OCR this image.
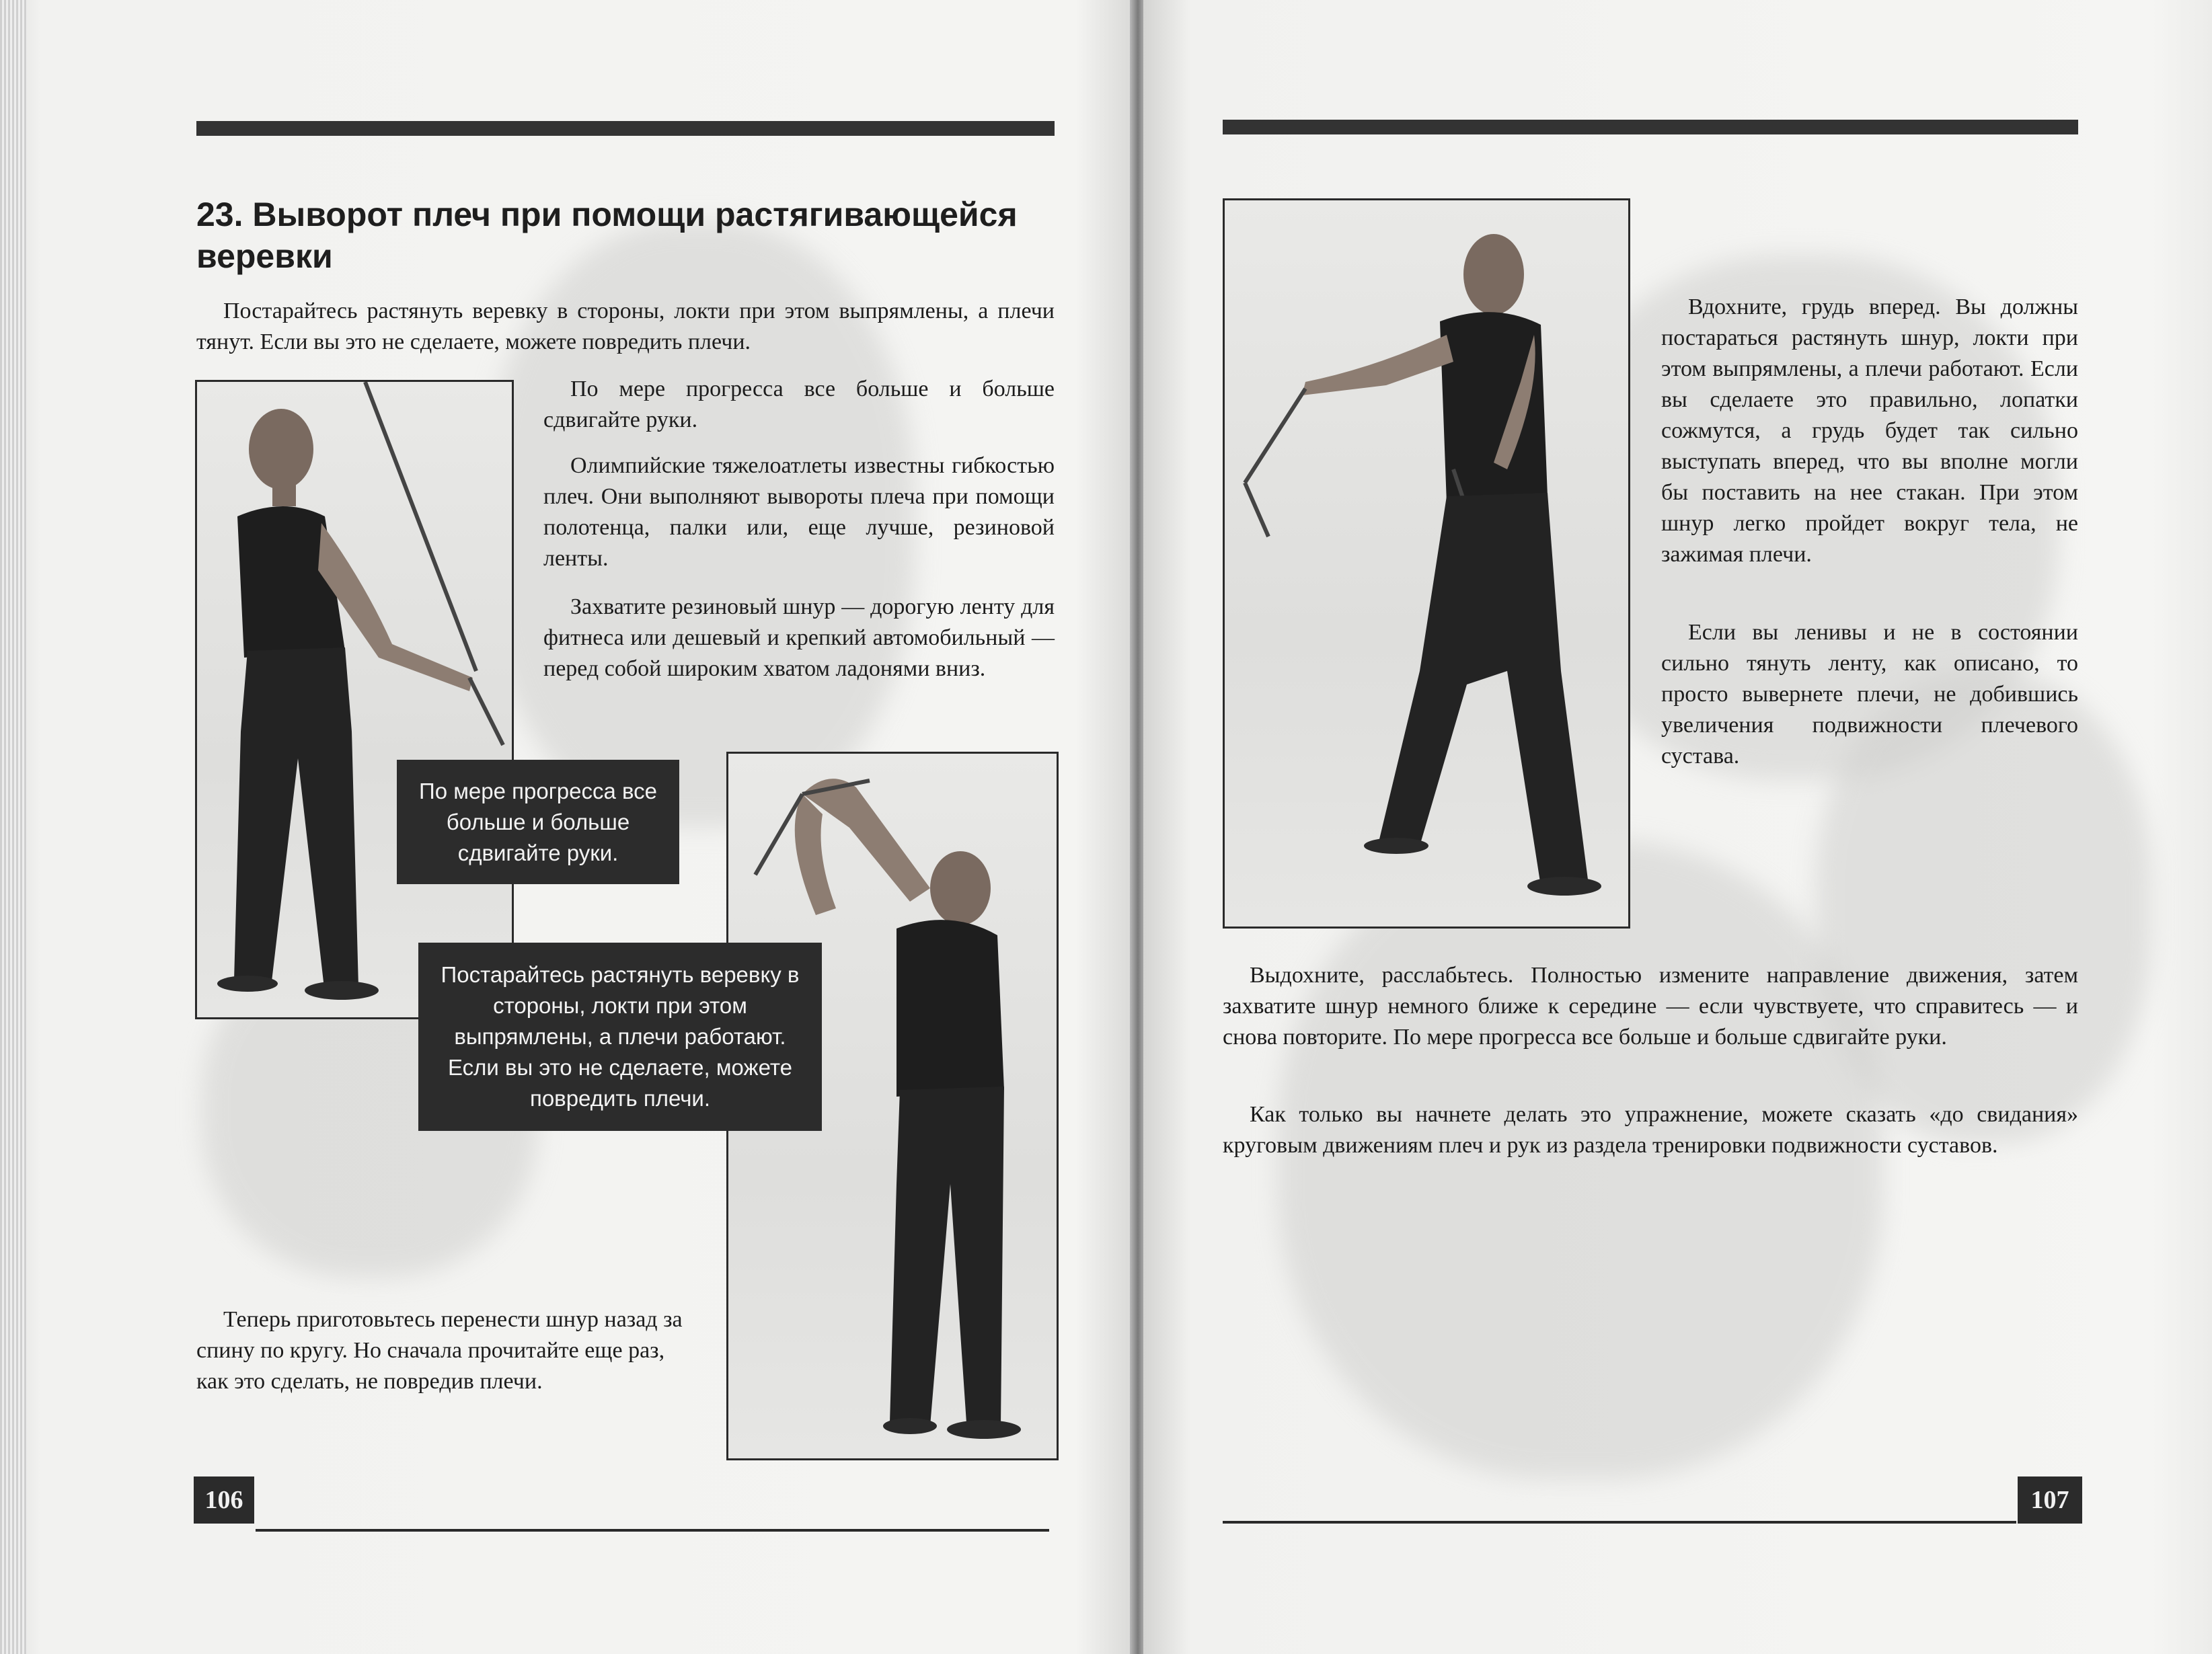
23. Выворот плеч при помощи растягивающейся веревки

Постарайтесь растянуть веревку в стороны, локти при этом выпрямлены, а плечи тянут. Если вы это не сделаете, можете повредить плечи.

По мере прогресса все больше и больше сдвигайте руки.

Олимпийские тяжелоатлеты известны гибкостью плеч. Они выполняют вывороты плеча при помощи полотенца, палки или, еще лучше, резиновой ленты.

Захватите резиновый шнур — дорогую ленту для фитнеса или дешевый и крепкий автомобильный — перед собой широким хватом ладонями вниз.

По мере прогресса все больше и больше сдвигайте руки.
Постарайтесь растянуть веревку в стороны, локти при этом выпрямлены, а плечи работают. Если вы это не сделаете, можете повредить плечи.

Теперь приготовьтесь перенести шнур назад за спину по кругу. Но сначала прочитайте еще раз, как это сделать, не повредив плечи.

106

Вдохните, грудь вперед. Вы должны постараться растянуть шнур, локти при этом выпрямлены, а плечи работают. Если вы сделаете это правильно, лопатки сожмутся, а грудь будет так сильно выступать вперед, что вы вполне могли бы поставить на нее стакан. При этом шнур легко пройдет вокруг тела, не зажимая плечи.

Если вы ленивы и не в состоянии сильно тянуть ленту, как описано, то просто вывернете плечи, не добившись увеличения подвижности плечевого сустава.

Выдохните, расслабьтесь. Полностью измените направление движения, затем захватите шнур немного ближе к середине — если чувствуете, что справитесь — и снова повторите. По мере прогресса все больше и больше сдвигайте руки.

Как только вы начнете делать это упражнение, можете сказать «до свидания» круговым движениям плеч и рук из раздела тренировки подвижности суставов.

107
